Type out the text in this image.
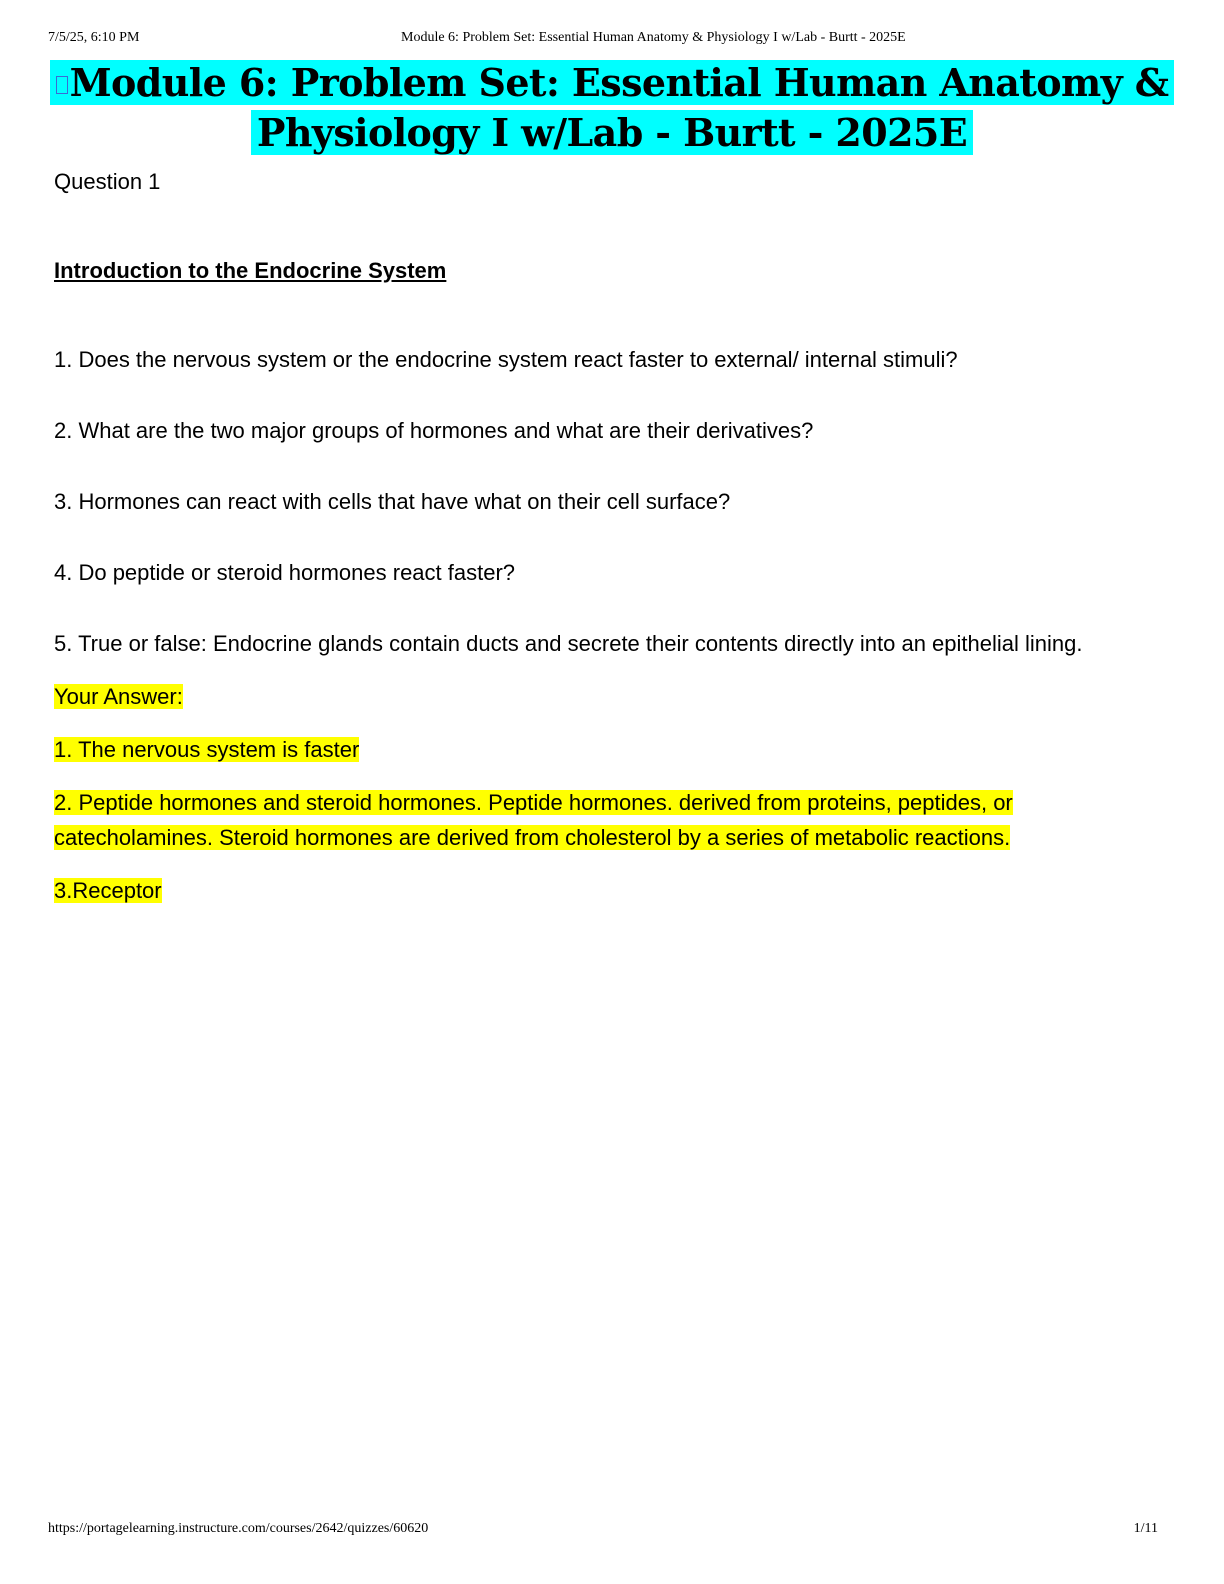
7/5/25, 6:10 PM	Module 6: Problem Set: Essential Human Anatomy & Physiology I w/Lab - Burtt - 2025E
Module 6: Problem Set: Essential Human Anatomy & Physiology I w/Lab - Burtt - 2025E

Question 1

Introduction to the Endocrine System

1. Does the nervous system or the endocrine system react faster to external/ internal stimuli?

2. What are the two major groups of hormones and what are their derivatives?

3. Hormones can react with cells that have what on their cell surface?

4. Do peptide or steroid hormones react faster?

5. True or false: Endocrine glands contain ducts and secrete their contents directly into an epithelial lining.

Your Answer:

1. The nervous system is faster

2. Peptide hormones and steroid hormones. Peptide hormones. derived from proteins, peptides, or catecholamines. Steroid hormones are derived from cholesterol by a series of metabolic reactions.

3.Receptor

https://portagelearning.instructure.com/courses/2642/quizzes/60620	1/11
